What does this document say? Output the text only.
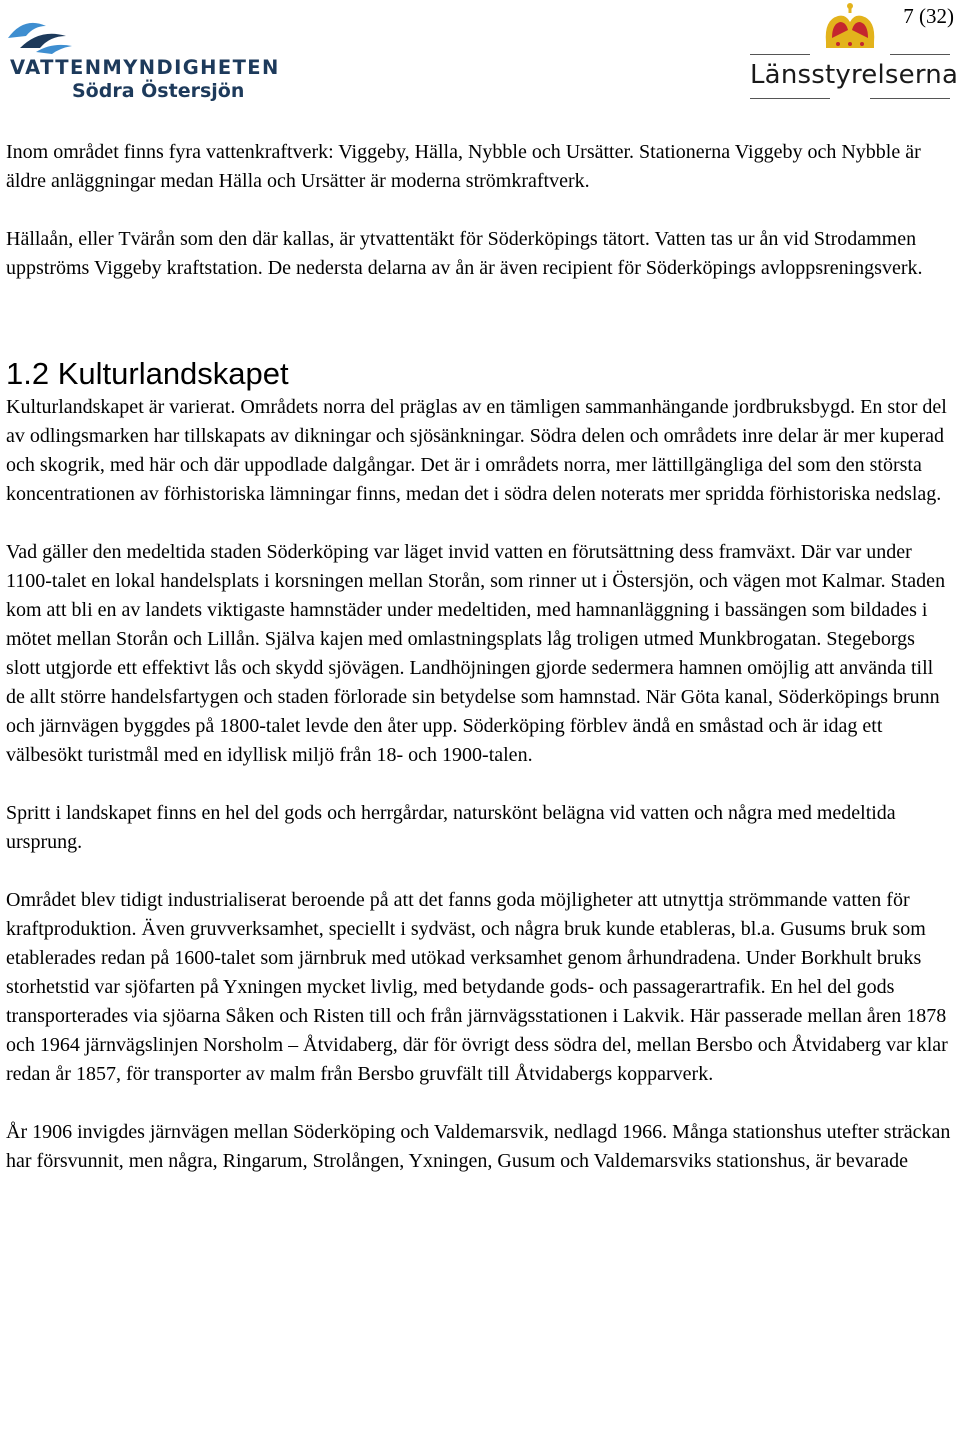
VATTENMYNDIGHETEN
Södra Östersjön
7 (32)
Länsstyrelserna

Inom området finns fyra vattenkraftverk: Viggeby, Hälla, Nybble och Ursätter. Stationerna Viggeby och Nybble är äldre anläggningar medan Hälla och Ursätter är moderna strömkraftverk.

Hällaån, eller Tvärån som den där kallas, är ytvattentäkt för Söderköpings tätort. Vatten tas ur ån vid Strodammen uppströms Viggeby kraftstation. De nedersta delarna av ån är även recipient för Söderköpings avloppsreningsverk.

1.2 Kulturlandskapet

Kulturlandskapet är varierat. Områdets norra del präglas av en tämligen sammanhängande jordbruksbygd. En stor del av odlingsmarken har tillskapats av dikningar och sjösänkningar. Södra delen och områdets inre delar är mer kuperad och skogrik, med här och där uppodlade dalgångar. Det är i områdets norra, mer lättillgängliga del som den största koncentrationen av förhistoriska lämningar finns, medan det i södra delen noterats mer spridda förhistoriska nedslag.

Vad gäller den medeltida staden Söderköping var läget invid vatten en förutsättning dess framväxt. Där var under 1100-talet en lokal handelsplats i korsningen mellan Storån, som rinner ut i Östersjön, och vägen mot Kalmar. Staden kom att bli en av landets viktigaste hamnstäder under medeltiden, med hamnanläggning i bassängen som bildades i mötet mellan Storån och Lillån. Själva kajen med omlastningsplats låg troligen utmed Munkbrogatan. Stegeborgs slott utgjorde ett effektivt lås och skydd sjövägen. Landhöjningen gjorde sedermera hamnen omöjlig att använda till de allt större handelsfartygen och staden förlorade sin betydelse som hamnstad. När Göta kanal, Söderköpings brunn och järnvägen byggdes på 1800-talet levde den åter upp. Söderköping förblev ändå en småstad och är idag ett välbesökt turistmål med en idyllisk miljö från 18- och 1900-talen.

Spritt i landskapet finns en hel del gods och herrgårdar, naturskönt belägna vid vatten och några med medeltida ursprung.

Området blev tidigt industrialiserat beroende på att det fanns goda möjligheter att utnyttja strömmande vatten för kraftproduktion. Även gruvverksamhet, speciellt i sydväst, och några bruk kunde etableras, bl.a. Gusums bruk som etablerades redan på 1600-talet som järnbruk med utökad verksamhet genom århundradena. Under Borkhult bruks storhetstid var sjöfarten på Yxningen mycket livlig, med betydande gods- och passagerartrafik. En hel del gods transporterades via sjöarna Såken och Risten till och från järnvägsstationen i Lakvik. Här passerade mellan åren 1878 och 1964 järnvägslinjen Norsholm – Åtvidaberg, där för övrigt dess södra del, mellan Bersbo och Åtvidaberg var klar redan år 1857, för transporter av malm från Bersbo gruvfält till Åtvidabergs kopparverk.

År 1906 invigdes järnvägen mellan Söderköping och Valdemarsvik, nedlagd 1966. Många stationshus utefter sträckan har försvunnit, men några, Ringarum, Strolången, Yxningen, Gusum och Valdemarsviks stationshus, är bevarade
